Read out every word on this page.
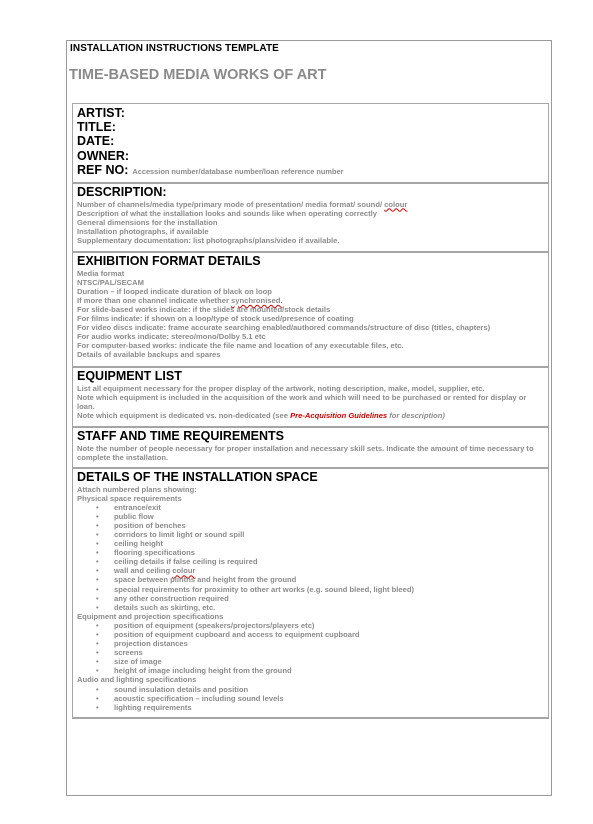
INSTALLATION INSTRUCTIONS TEMPLATE
TIME-BASED MEDIA WORKS OF ART
ARTIST:
TITLE:
DATE:
OWNER:
REF NO: Accession number/database number/loan reference number
DESCRIPTION:
Number of channels/media type/primary mode of presentation/ media format/ sound/ colour
Description of what the installation looks and sounds like when operating correctly
General dimensions for the installation
Installation photographs, if available
Supplementary documentation: list photographs/plans/video if available.
EXHIBITION FORMAT DETAILS
Media format
NTSC/PAL/SECAM
Duration – if looped indicate duration of black on loop
If more than one channel indicate whether synchronised.
For slide-based works indicate: if the slides are mounted/stock details
For films indicate: if shown on a loop/type of stock used/presence of coating
For video discs indicate: frame accurate searching enabled/authored commands/structure of disc (titles, chapters)
For audio works indicate: stereo/mono/Dolby 5.1 etc
For computer-based works: indicate the file name and location of any executable files, etc.
Details of available backups and spares
EQUIPMENT LIST
List all equipment necessary for the proper display of the artwork, noting description, make, model, supplier, etc.
Note which equipment is included in the acquisition of the work and which will need to be purchased or rented for display or
loan.
Note which equipment is dedicated vs. non-dedicated (see Pre-Acquisition Guidelines for description)
STAFF AND TIME REQUIREMENTS
Note the number of people necessary for proper installation and necessary skill sets. Indicate the amount of time necessary to
complete the installation.
DETAILS OF THE INSTALLATION SPACE
Attach numbered plans showing:
Physical space requirements
• entrance/exit
• public flow
• position of benches
• corridors to limit light or sound spill
• ceiling height
• flooring specifications
• ceiling details if false ceiling is required
• wall and ceiling colour
• space between plinths and height from the ground
• special requirements for proximity to other art works (e.g. sound bleed, light bleed)
• any other construction required
• details such as skirting, etc.
Equipment and projection specifications
• position of equipment (speakers/projectors/players etc)
• position of equipment cupboard and access to equipment cupboard
• projection distances
• screens
• size of image
• height of image including height from the ground
Audio and lighting specifications
• sound insulation details and position
• acoustic specification – including sound levels
• lighting requirements
